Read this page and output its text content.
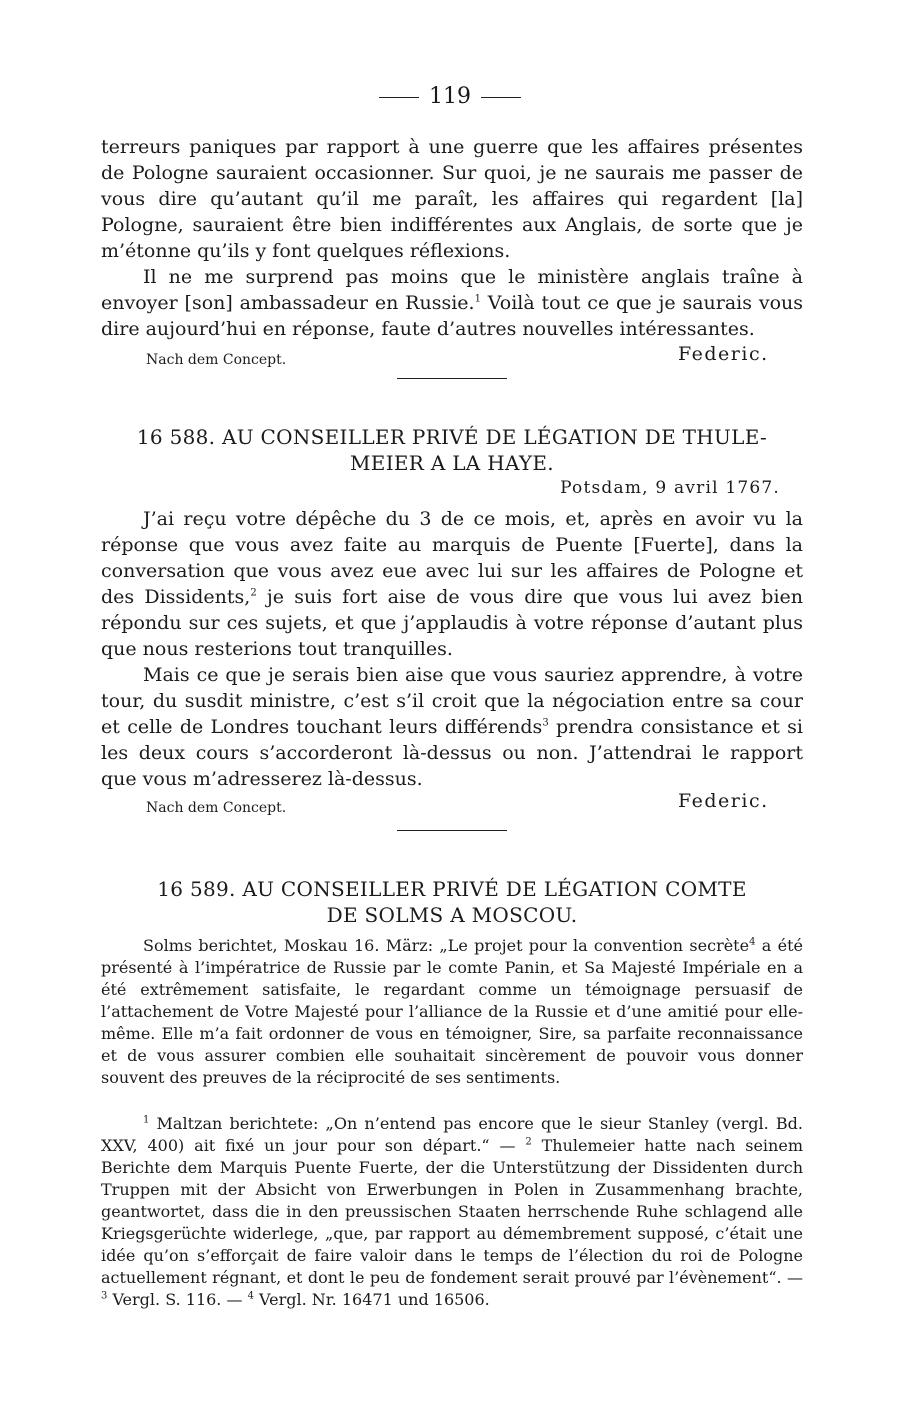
119

terreurs paniques par rapport à une guerre que les affaires présentes de Pologne sauraient occasionner. Sur quoi, je ne saurais me passer de vous dire qu’autant qu’il me paraît, les affaires qui regardent [la] Pologne, sauraient être bien indifférentes aux Anglais, de sorte que je m’étonne qu’ils y font quelques réflexions.

Il ne me surprend pas moins que le ministère anglais traîne à envoyer [son] ambassadeur en Russie.$^1$ Voilà tout ce que je saurais vous dire aujourd’hui en réponse, faute d’autres nouvelles intéressantes.

Nach dem Concept.	Federic.
16 588. AU CONSEILLER PRIVÉ DE LÉGATION DE THULE-
MEIER A LA HAYE.
Potsdam, 9 avril 1767.

J’ai reçu votre dépêche du 3 de ce mois, et, après en avoir vu la réponse que vous avez faite au marquis de Puente [Fuerte], dans la conversation que vous avez eue avec lui sur les affaires de Pologne et des Dissidents,$^2$ je suis fort aise de vous dire que vous lui avez bien répondu sur ces sujets, et que j’applaudis à votre réponse d’autant plus que nous resterions tout tranquilles.

Mais ce que je serais bien aise que vous sauriez apprendre, à votre tour, du susdit ministre, c’est s’il croit que la négociation entre sa cour et celle de Londres touchant leurs différends$^3$ prendra consistance et si les deux cours s’accorderont là-dessus ou non. J’attendrai le rapport que vous m’adresserez là-dessus.

Nach dem Concept.	Federic.
16 589. AU CONSEILLER PRIVÉ DE LÉGATION COMTE
DE SOLMS A MOSCOU.

Solms berichtet, Moskau 16. März: „Le projet pour la convention secrète$^4$ a été présenté à l’impératrice de Russie par le comte Panin, et Sa Majesté Impériale en a été extrêmement satisfaite, le regardant comme un témoignage persuasif de l’attachement de Votre Majesté pour l’alliance de la Russie et d’une amitié pour elle-même. Elle m’a fait ordonner de vous en témoigner, Sire, sa parfaite reconnaissance et de vous assurer combien elle souhaitait sincèrement de pouvoir vous donner souvent des preuves de la réciprocité de ses sentiments.

$^1$ Maltzan berichtete: „On n’entend pas encore que le sieur Stanley (vergl. Bd. XXV, 400) ait fixé un jour pour son départ.“ — $^2$ Thulemeier hatte nach seinem Berichte dem Marquis Puente Fuerte, der die Unterstützung der Dissidenten durch Truppen mit der Absicht von Erwerbungen in Polen in Zusammenhang brachte, geantwortet, dass die in den preussischen Staaten herrschende Ruhe schlagend alle Kriegsgerüchte widerlege, „que, par rapport au démembrement supposé, c’était une idée qu’on s’efforçait de faire valoir dans le temps de l’élection du roi de Pologne actuellement régnant, et dont le peu de fondement serait prouvé par l’évènement“. — $^3$ Vergl. S. 116. — $^4$ Vergl. Nr. 16471 und 16506.
